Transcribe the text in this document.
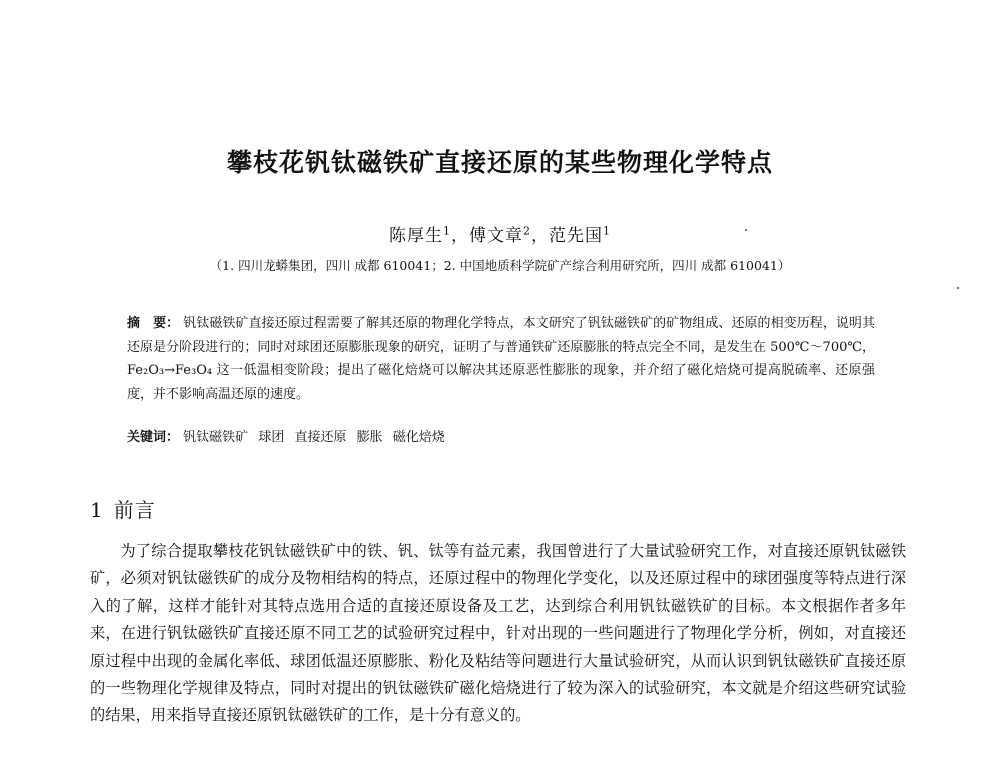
攀枝花钒钛磁铁矿直接还原的某些物理化学特点
陈厚生$^1$，傅文章$^2$，范先国$^1$
（1. 四川龙蟒集团，四川 成都 610041；2. 中国地质科学院矿产综合利用研究所，四川 成都 610041）
摘　要： 钒钛磁铁矿直接还原过程需要了解其还原的物理化学特点，本文研究了钒钛磁铁矿的矿物组成、还原的相变历程，说明其还原是分阶段进行的；同时对球团还原膨胀现象的研究，证明了与普通铁矿还原膨胀的特点完全不同，是发生在 500℃～700℃，Fe₂O₃→Fe₃O₄ 这一低温相变阶段；提出了磁化焙烧可以解决其还原恶性膨胀的现象，并介绍了磁化焙烧可提高脱硫率、还原强度，并不影响高温还原的速度。
关键词： 钒钛磁铁矿 球团 直接还原 膨胀 磁化焙烧
1 前言
为了综合提取攀枝花钒钛磁铁矿中的铁、钒、钛等有益元素，我国曾进行了大量试验研究工作，对直接还原钒钛磁铁矿，必须对钒钛磁铁矿的成分及物相结构的特点，还原过程中的物理化学变化，以及还原过程中的球团强度等特点进行深入的了解，这样才能针对其特点选用合适的直接还原设备及工艺，达到综合利用钒钛磁铁矿的目标。本文根据作者多年来，在进行钒钛磁铁矿直接还原不同工艺的试验研究过程中，针对出现的一些问题进行了物理化学分析，例如，对直接还原过程中出现的金属化率低、球团低温还原膨胀、粉化及粘结等问题进行大量试验研究，从而认识到钒钛磁铁矿直接还原的一些物理化学规律及特点，同时对提出的钒钛磁铁矿磁化焙烧进行了较为深入的试验研究，本文就是介绍这些研究试验的结果，用来指导直接还原钒钛磁铁矿的工作，是十分有意义的。
